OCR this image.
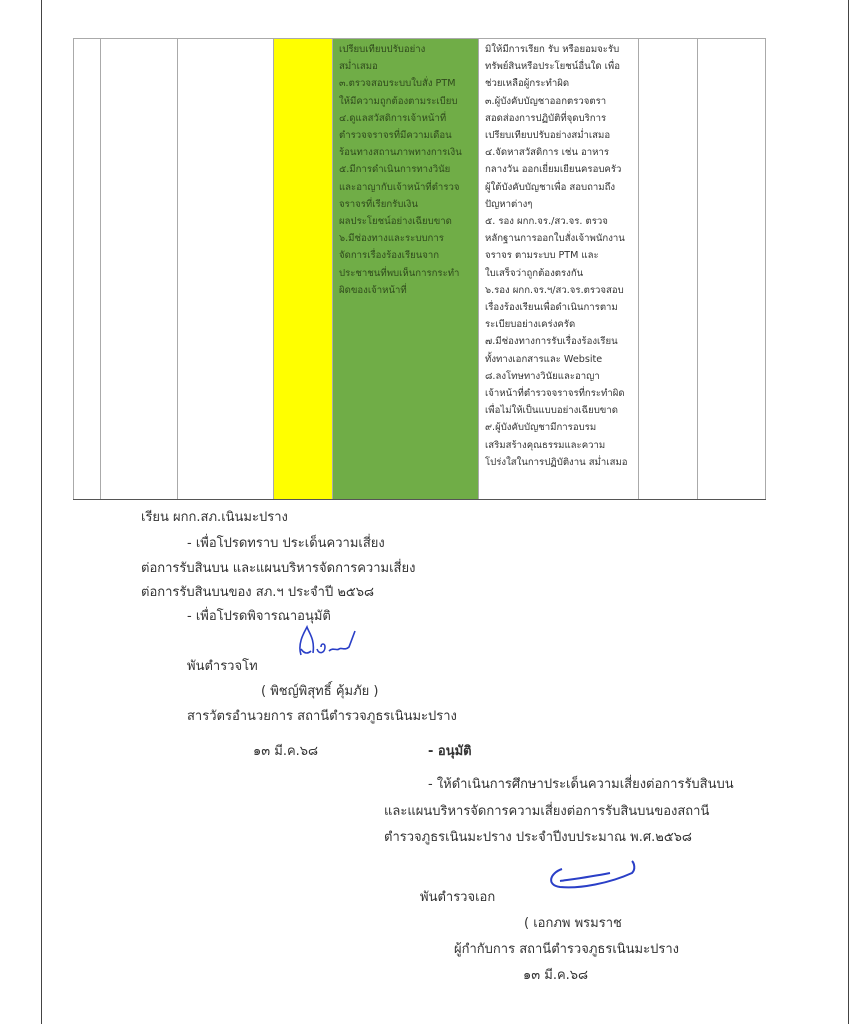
เปรียบเทียบปรับอย่าง
สม่ำเสมอ
๓.ตรวจสอบระบบใบสั่ง PTM
ให้มีความถูกต้องตามระเบียบ
๔.ดูแลสวัสดิการเจ้าหน้าที่
ตำรวจจราจรที่มีความเดือน
ร้อนทางสถานภาพทางการเงิน
๕.มีการดำเนินการทางวินัย
และอาญากับเจ้าหน้าที่ตำรวจ
จราจรที่เรียกรับเงิน
ผลประโยชน์อย่างเฉียบขาด
๖.มีช่องทางและระบบการ
จัดการเรื่องร้องเรียนจาก
ประชาชนที่พบเห็นการกระทำ
ผิดของเจ้าหน้าที่
มิให้มีการเรียก รับ หรือยอมจะรับ
ทรัพย์สินหรือประโยชน์อื่นใด เพื่อ
ช่วยเหลือผู้กระทำผิด
๓.ผู้บังคับบัญชาออกตรวจตรา
สอดส่องการปฏิบัติที่จุดบริการ
เปรียบเทียบปรับอย่างสม่ำเสมอ
๔.จัดหาสวัสดิการ เช่น อาหาร
กลางวัน ออกเยี่ยมเยียนครอบครัว
ผู้ใต้บังคับบัญชาเพื่อ สอบถามถึง
ปัญหาต่างๆ
๕. รอง ผกก.จร./สว.จร. ตรวจ
หลักฐานการออกใบสั่งเจ้าพนักงาน
จราจร ตามระบบ PTM และ
ใบเสร็จว่าถูกต้องตรงกัน
๖.รอง ผกก.จร.ฯ/สว.จร.ตรวจสอบ
เรื่องร้องเรียนเพื่อดำเนินการตาม
ระเบียบอย่างเคร่งครัด
๗.มีช่องทางการรับเรื่องร้องเรียน
ทั้งทางเอกสารและ Website
๘.ลงโทษทางวินัยและอาญา
เจ้าหน้าที่ตำรวจจราจรที่กระทำผิด
เพื่อไม่ให้เป็นแบบอย่างเฉียบขาด
๙.ผู้บังคับบัญชามีการอบรม
เสริมสร้างคุณธรรมและความ
โปร่งใสในการปฏิบัติงาน สม่ำเสมอ
เรียน ผกก.สภ.เนินมะปราง
- เพื่อโปรดทราบ ประเด็นความเสี่ยง
ต่อการรับสินบน และแผนบริหารจัดการความเสี่ยง
ต่อการรับสินบนของ สภ.ฯ ประจำปี ๒๕๖๘
- เพื่อโปรดพิจารณาอนุมัติ
พันตำรวจโท
( พิชญ์พิสุทธิ์ คุ้มภัย )
สารวัตรอำนวยการ สถานีตำรวจภูธรเนินมะปราง
๑๓ มี.ค.๖๘	- อนุมัติ
- ให้ดำเนินการศึกษาประเด็นความเสี่ยงต่อการรับสินบน
และแผนบริหารจัดการความเสี่ยงต่อการรับสินบนของสถานี
ตำรวจภูธรเนินมะปราง ประจำปีงบประมาณ พ.ศ.๒๕๖๘
พันตำรวจเอก
( เอกภพ พรมราช
ผู้กำกับการ สถานีตำรวจภูธรเนินมะปราง
๑๓ มี.ค.๖๘
